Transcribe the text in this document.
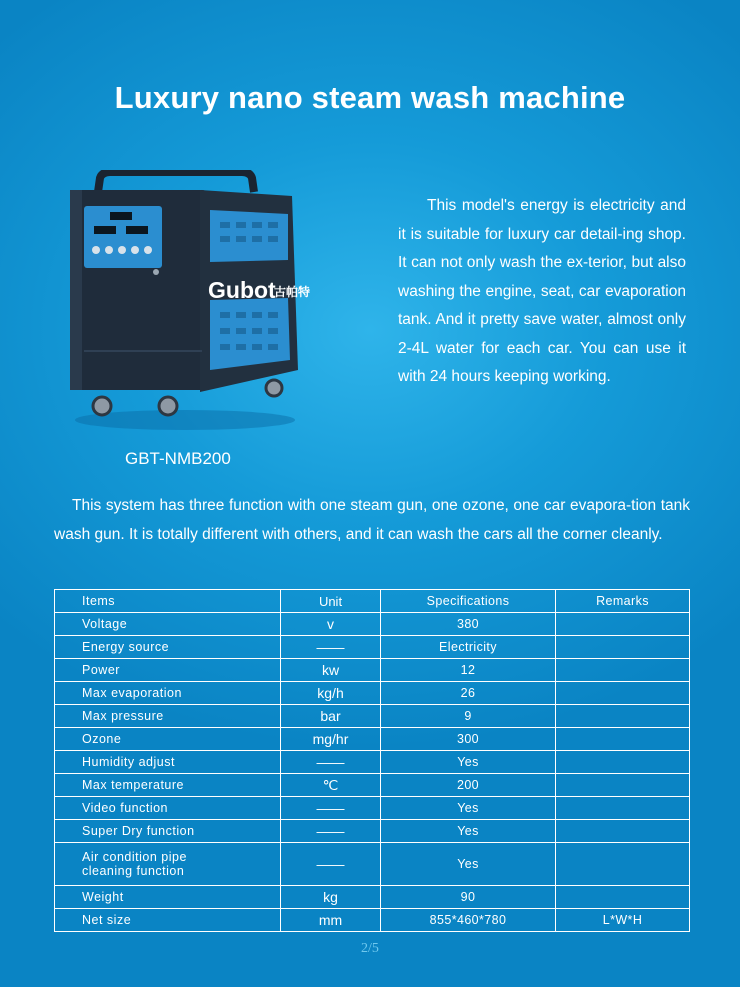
Luxury nano steam wash machine
Gubot
古帕特
GBT-NMB200

This model's energy is electricity and it is suitable for luxury car detail-ing shop. It can not only wash the ex-terior, but also washing the engine, seat, car evaporation tank. And it pretty save water, almost only 2-4L water for each car. You can use it with 24 hours keeping working.

This system has three function with one steam gun, one ozone, one car evapora-tion tank wash gun. It is totally different with others, and it can wash the cars all the corner cleanly.

Items	Unit	Specifications	Remarks
Voltage	v	380	
Energy source	——	Electricity	
Power	kw	12	
Max evaporation	kg/h	26	
Max pressure	bar	9	
Ozone	mg/hr	300	
Humidity adjust	——	Yes	
Max temperature	℃	200	
Video function	——	Yes	
Super Dry function	——	Yes	

Air condition pipe
cleaning function	——	Yes	
Weight	kg	90	
Net size	mm	855*460*780	L*W*H
2/5
